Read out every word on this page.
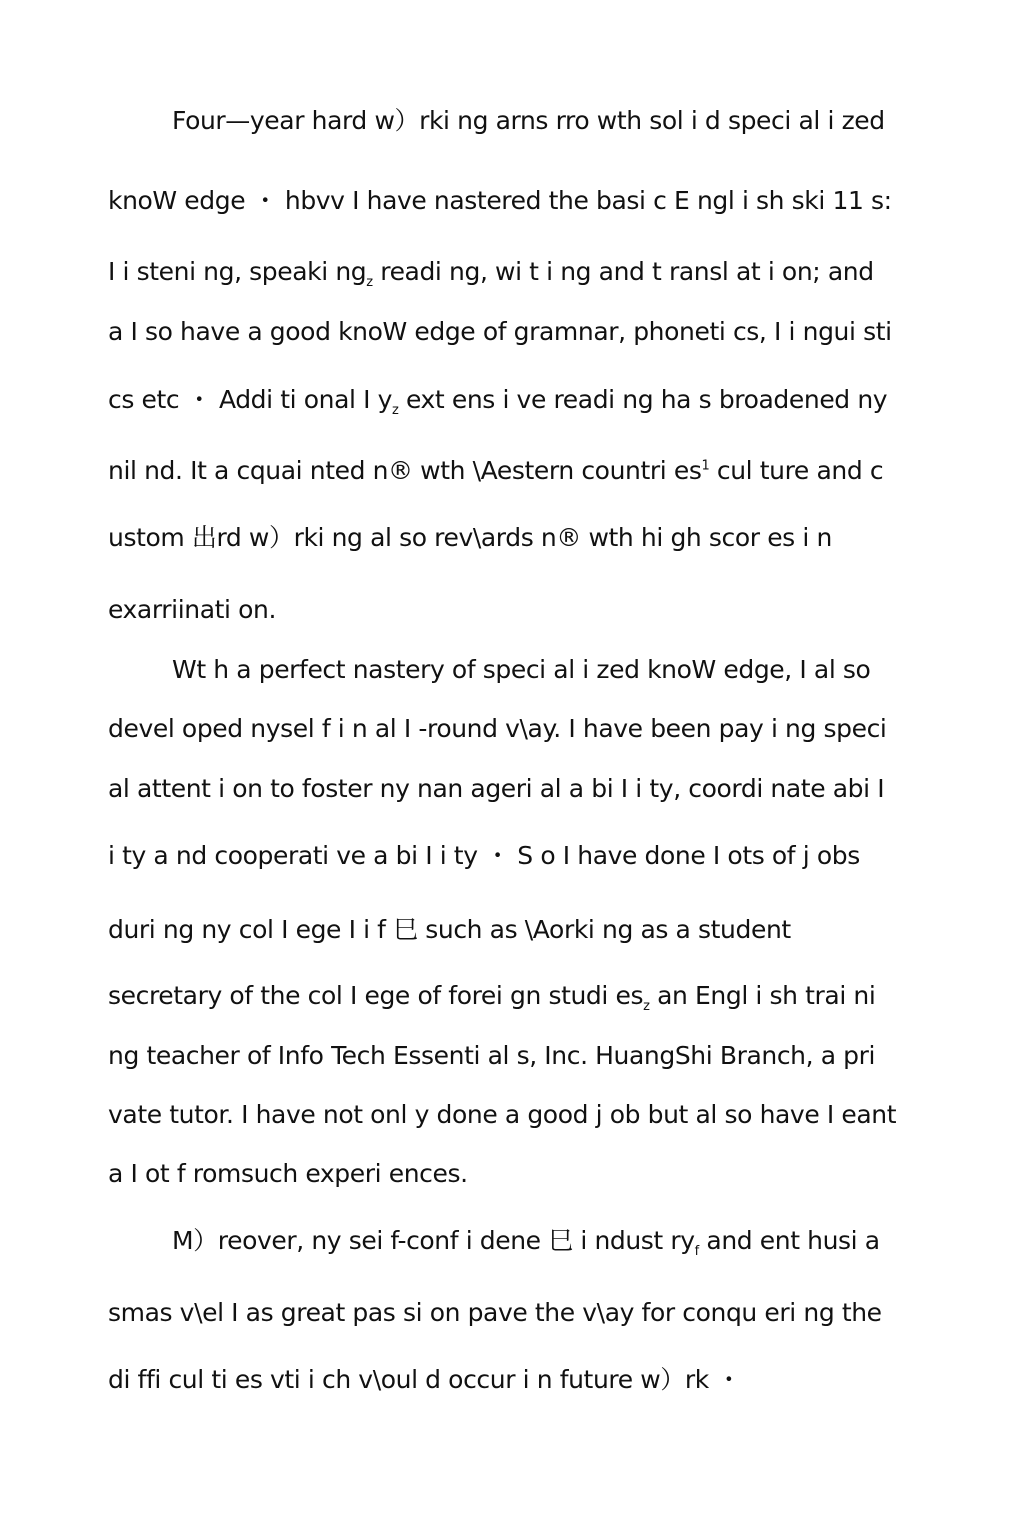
Four—year hard w）rki ng arns rro wth sol i d speci al i zed
knoW edge ・ hbvv I have nastered the basi c E ngl i sh ski 11 s:
I i steni ng, speaki $ng_z$ readi ng, wi t i ng and t ransl at i on; and
a I so have a good knoW edge of gramnar, phoneti cs, I i ngui sti
cs etc ・ Addi ti onal I $y_z$ ext ens i ve readi ng ha s broadened ny
nil nd. It a cquai nted n® wth \Aestern countri $es^1$ cul ture and c
ustom 出rd w）rki ng al so rev\ards n® wth hi gh scor es i n
exarriinati on.
Wt h a perfect nastery of speci al i zed knoW edge, I al so
devel oped nysel f i n al I -round v\ay. I have been pay i ng speci
al attent i on to foster ny nan ageri al a bi I i ty, coordi nate abi I
i ty a nd cooperati ve a bi I i ty ・ S o I have done I ots of j obs
duri ng ny col I ege I i f 巳 such as \Aorki ng as a student
secretary of the col I ege of forei gn studi $es_z$ an Engl i sh trai ni
ng teacher of Info Tech Essenti al s, Inc. HuangShi Branch, a pri
vate tutor. I have not onl y done a good j ob but al so have I eant
a I ot f romsuch experi ences.
M）reover, ny sei f-conf i dene 巳 i ndust $ry_f$ and ent husi a
smas v\el I as great pas si on pave the v\ay for conqu eri ng the
di ffi cul ti es vti i ch v\oul d occur i n future w）rk ・
